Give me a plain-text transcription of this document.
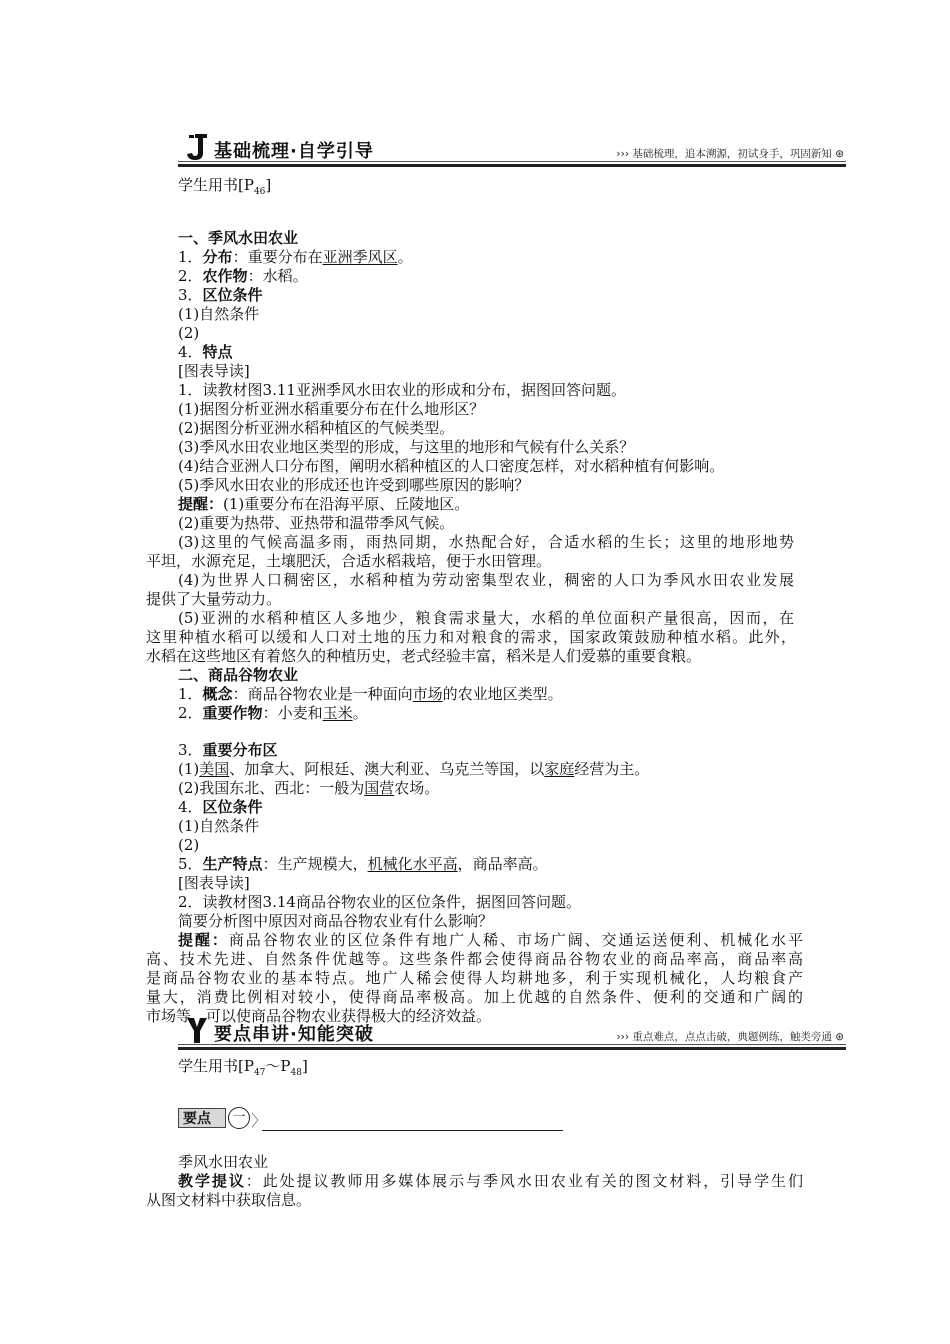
基础梳理·自学引导	››› 基础梳理，追本溯源，初试身手，巩固新知 ⊛
学生用书$[P_{46}]$
一、季风水田农业
1．分布：重要分布在亚洲季风区。
2．农作物：水稻。
3．区位条件
(1)自然条件
(2)
4．特点
[图表导读]
1．读教材图3.11亚洲季风水田农业的形成和分布，据图回答问题。
(1)据图分析亚洲水稻重要分布在什么地形区？
(2)据图分析亚洲水稻种植区的气候类型。
(3)季风水田农业地区类型的形成，与这里的地形和气候有什么关系？
(4)结合亚洲人口分布图，阐明水稻种植区的人口密度怎样，对水稻种植有何影响。
(5)季风水田农业的形成还也许受到哪些原因的影响？
提醒：(1)重要分布在沿海平原、丘陵地区。
(2)重要为热带、亚热带和温带季风气候。
(3)这里的气候高温多雨，雨热同期，水热配合好，合适水稻的生长；这里的地形地势
平坦，水源充足，土壤肥沃，合适水稻栽培，便于水田管理。
(4)为世界人口稠密区，水稻种植为劳动密集型农业，稠密的人口为季风水田农业发展
提供了大量劳动力。
(5)亚洲的水稻种植区人多地少，粮食需求量大，水稻的单位面积产量很高，因而，在
这里种植水稻可以缓和人口对土地的压力和对粮食的需求，国家政策鼓励种植水稻。此外，
水稻在这些地区有着悠久的种植历史，老式经验丰富，稻米是人们爱慕的重要食粮。
二、商品谷物农业
1．概念：商品谷物农业是一种面向市场的农业地区类型。
2．重要作物：小麦和玉米。
3．重要分布区
(1)美国、加拿大、阿根廷、澳大利亚、乌克兰等国，以家庭经营为主。
(2)我国东北、西北：一般为国营农场。
4．区位条件
(1)自然条件
(2)
5．生产特点：生产规模大，机械化水平高，商品率高。
[图表导读]
2．读教材图3.14商品谷物农业的区位条件，据图回答问题。
简要分析图中原因对商品谷物农业有什么影响？
提醒：商品谷物农业的区位条件有地广人稀、市场广阔、交通运送便利、机械化水平
高、技术先进、自然条件优越等。这些条件都会使得商品谷物农业的商品率高，商品率高
是商品谷物农业的基本特点。地广人稀会使得人均耕地多，利于实现机械化，人均粮食产
量大，消费比例相对较小，使得商品率极高。加上优越的自然条件、便利的交通和广阔的
市场等，可以使商品谷物农业获得极大的经济效益。
要点串讲·知能突破	››› 重点难点，点点击破，典题例练，触类旁通 ⊛
学生用书$[P_{47}\sim P_{48}]$
要点	一 〉
季风水田农业
教学提议：此处提议教师用多媒体展示与季风水田农业有关的图文材料，引导学生们
从图文材料中获取信息。
